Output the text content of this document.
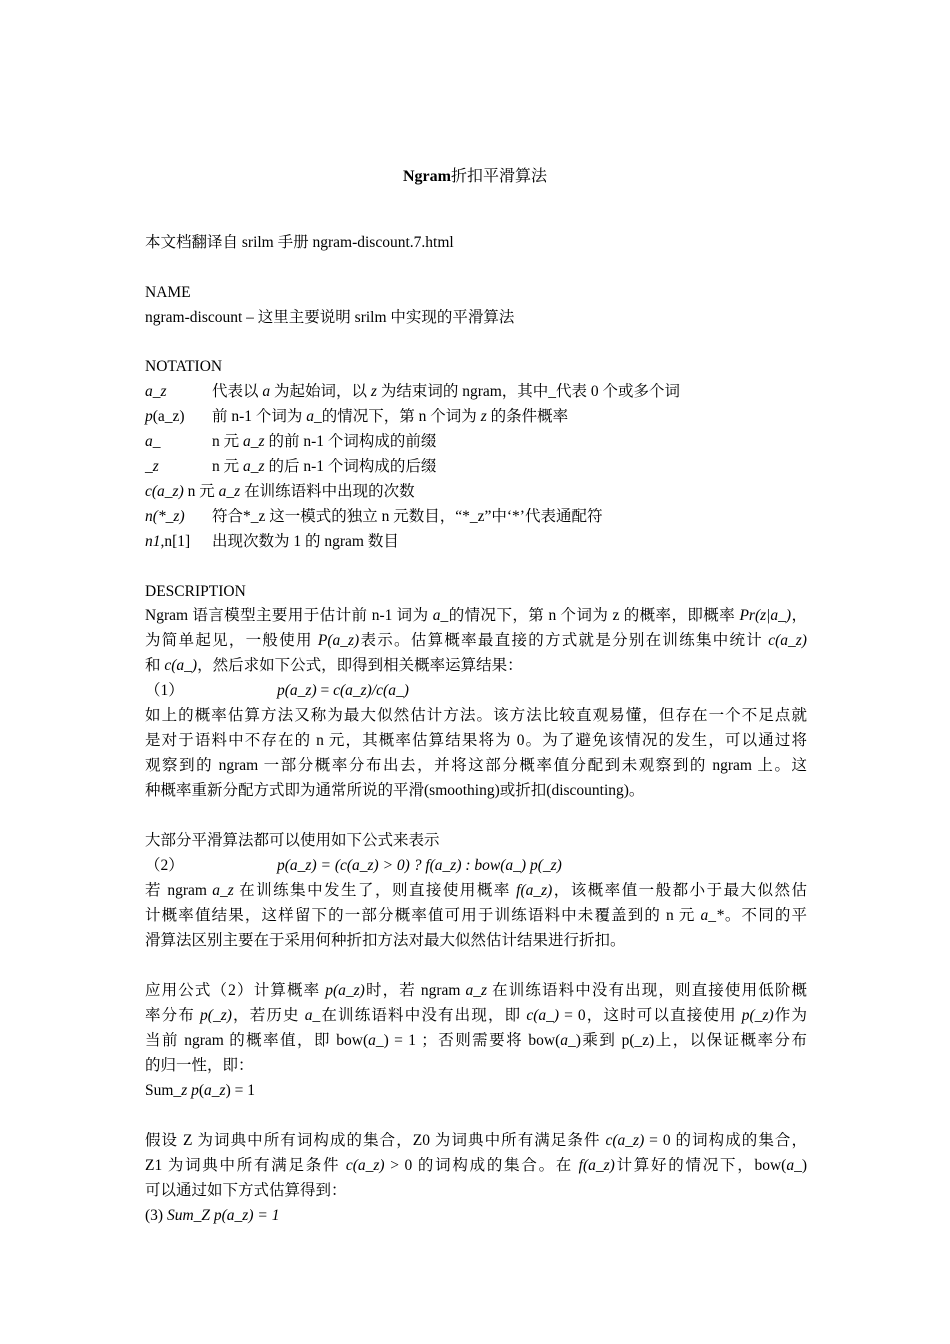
Ngram折扣平滑算法
本文档翻译自 srilm 手册 ngram-discount.7.html
NAME
ngram-discount – 这里主要说明 srilm 中实现的平滑算法
NOTATION
a_z	代表以 a 为起始词，以 z 为结束词的 ngram，其中_代表 0 个或多个词
p(a_z) 前 n-1 个词为 a_的情况下，第 n 个词为 z 的条件概率
a_	n 元 a_z 的前 n-1 个词构成的前缀
_z	n 元 a_z 的后 n-1 个词构成的后缀
c(a_z) n 元 a_z 在训练语料中出现的次数
n(*_z) 符合*_z 这一模式的独立 n 元数目，“*_z”中‘*’代表通配符
n1,n[1] 出现次数为 1 的 ngram 数目
DESCRIPTION
Ngram 语言模型主要用于估计前 n-1 词为 a_的情况下，第 n 个词为 z 的概率，即概率 Pr(z|a_)，
为简单起见，一般使用 P(a_z)表示。估算概率最直接的方式就是分别在训练集中统计 c(a_z)
和 c(a_)，然后求如下公式，即得到相关概率运算结果：
（1）	p(a_z) = c(a_z)/c(a_)
如上的概率估算方法又称为最大似然估计方法。该方法比较直观易懂，但存在一个不足点就
是对于语料中不存在的 n 元，其概率估算结果将为 0。为了避免该情况的发生，可以通过将
观察到的 ngram 一部分概率分布出去，并将这部分概率值分配到未观察到的 ngram 上。这
种概率重新分配方式即为通常所说的平滑(smoothing)或折扣(discounting)。
大部分平滑算法都可以使用如下公式来表示
（2）	p(a_z) = (c(a_z) > 0) ? f(a_z) : bow(a_) p(_z)
若 ngram a_z 在训练集中发生了，则直接使用概率 f(a_z)，该概率值一般都小于最大似然估
计概率值结果，这样留下的一部分概率值可用于训练语料中未覆盖到的 n 元 a_*。不同的平
滑算法区别主要在于采用何种折扣方法对最大似然估计结果进行折扣。
应用公式（2）计算概率 p(a_z)时，若 ngram a_z 在训练语料中没有出现，则直接使用低阶概
率分布 p(_z)，若历史 a_在训练语料中没有出现，即 c(a_) = 0，这时可以直接使用 p(_z)作为
当前 ngram 的概率值，即 bow(a_) = 1 ；否则需要将 bow(a_)乘到 p(_z)上，以保证概率分布
的归一性，即：
Sum_z p(a_z) = 1
假设 Z 为词典中所有词构成的集合，Z0 为词典中所有满足条件 c(a_z) = 0 的词构成的集合，
Z1 为词典中所有满足条件 c(a_z) > 0 的词构成的集合。在 f(a_z)计算好的情况下，bow(a_)
可以通过如下方式估算得到：
(3) Sum_Z p(a_z) = 1
